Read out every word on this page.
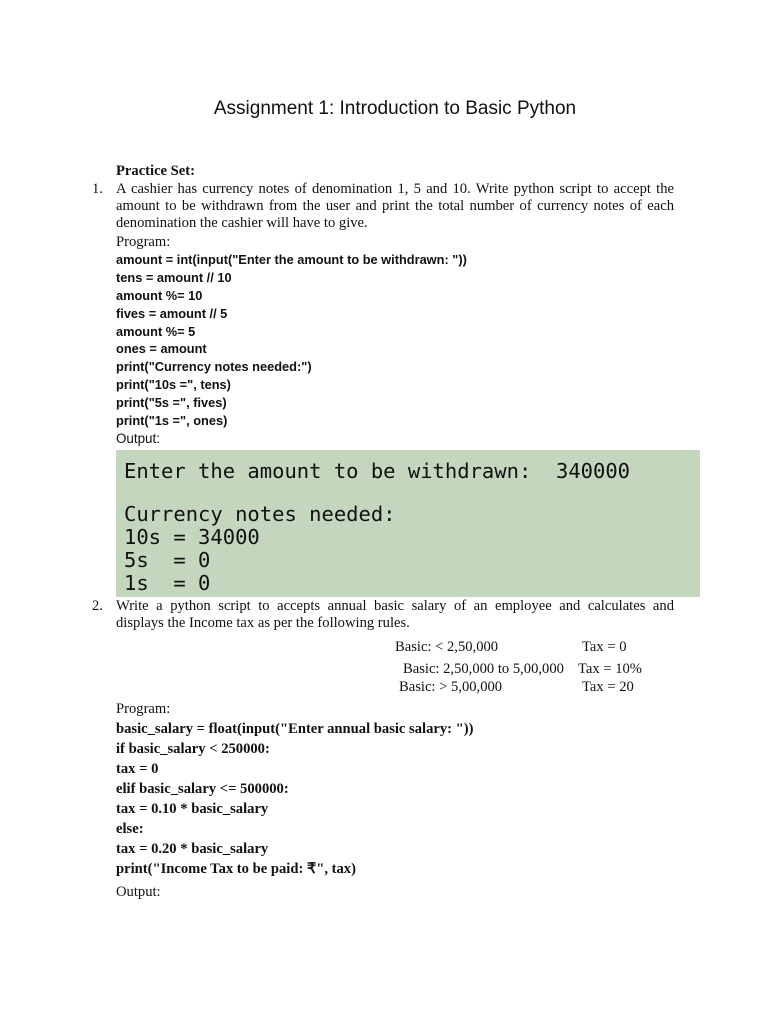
Assignment 1: Introduction to Basic Python
Practice Set:
1. A cashier has currency notes of denomination 1, 5 and 10. Write python script to accept the
amount to be withdrawn from the user and print the total number of currency notes of each
denomination the cashier will have to give.
Program:
amount = int(input("Enter the amount to be withdrawn: "))
tens = amount // 10
amount %= 10
fives = amount // 5
amount %= 5
ones = amount
print("Currency notes needed:")
print("10s =", tens)
print("5s =", fives)
print("1s =", ones)
Output:
Enter the amount to be withdrawn:  340000
Currency notes needed:
10s = 34000
5s  = 0
1s  = 0
2. Write a python script to accepts annual basic salary of an employee and calculates and
displays the Income tax as per the following rules.
Basic: < 2,50,000	Tax = 0
Basic: 2,50,000 to 5,00,000 Tax = 10%
Basic: > 5,00,000	Tax = 20
Program:
basic_salary = float(input("Enter annual basic salary: "))
if basic_salary < 250000:
tax = 0
elif basic_salary <= 500000:
tax = 0.10 * basic_salary
else:
tax = 0.20 * basic_salary
print("Income Tax to be paid: ₹", tax)
Output:
